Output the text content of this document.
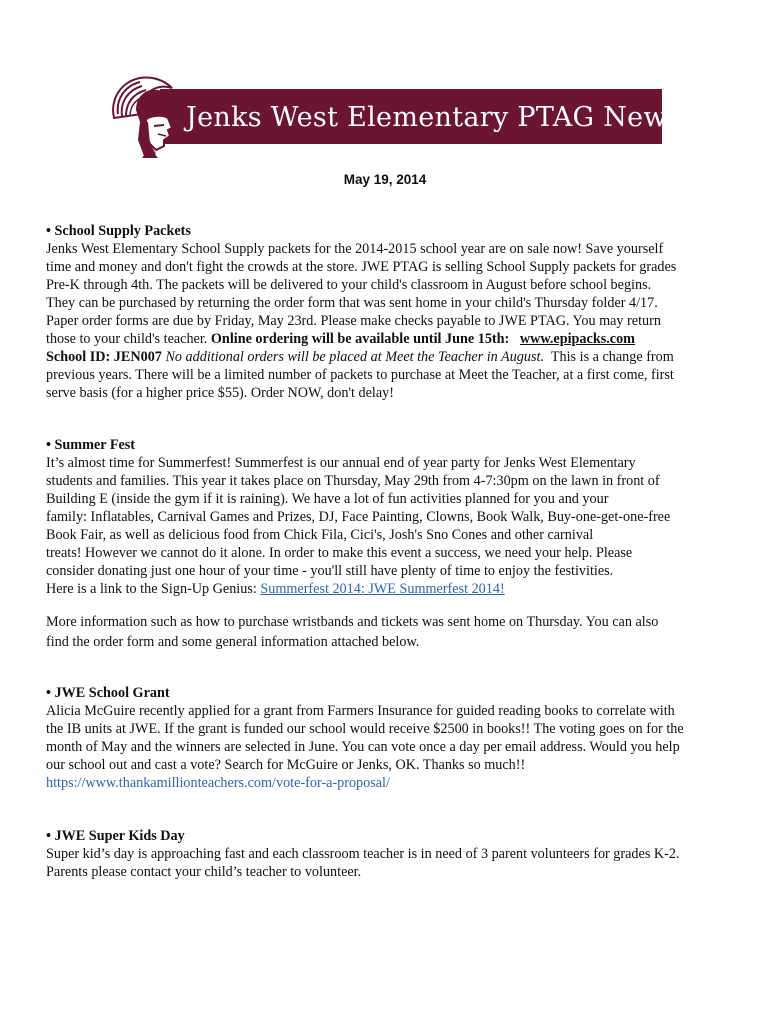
Jenks West Elementary PTAG News
May 19, 2014
• School Supply Packets
Jenks West Elementary School Supply packets for the 2014-2015 school year are on sale now! Save yourself
time and money and don't fight the crowds at the store. JWE PTAG is selling School Supply packets for grades
Pre-K through 4th. The packets will be delivered to your child's classroom in August before school begins.
They can be purchased by returning the order form that was sent home in your child's Thursday folder 4/17.
Paper order forms are due by Friday, May 23rd. Please make checks payable to JWE PTAG. You may return
those to your child's teacher. Online ordering will be available until June 15th: www.epipacks.com
School ID: JEN007 No additional orders will be placed at Meet the Teacher in August. This is a change from
previous years. There will be a limited number of packets to purchase at Meet the Teacher, at a first come, first
serve basis (for a higher price $55). Order NOW, don't delay!
• Summer Fest
It’s almost time for Summerfest! Summerfest is our annual end of year party for Jenks West Elementary
students and families. This year it takes place on Thursday, May 29th from 4-7:30pm on the lawn in front of
Building E (inside the gym if it is raining). We have a lot of fun activities planned for you and your
family: Inflatables, Carnival Games and Prizes, DJ, Face Painting, Clowns, Book Walk, Buy-one-get-one-free
Book Fair, as well as delicious food from Chick Fila, Cici's, Josh's Sno Cones and other carnival
treats! However we cannot do it alone. In order to make this event a success, we need your help. Please
consider donating just one hour of your time - you'll still have plenty of time to enjoy the festivities.
Here is a link to the Sign-Up Genius: Summerfest 2014: JWE Summerfest 2014!
More information such as how to purchase wristbands and tickets was sent home on Thursday. You can also
find the order form and some general information attached below.
• JWE School Grant
Alicia McGuire recently applied for a grant from Farmers Insurance for guided reading books to correlate with
the IB units at JWE. If the grant is funded our school would receive $2500 in books!! The voting goes on for the
month of May and the winners are selected in June. You can vote once a day per email address. Would you help
our school out and cast a vote? Search for McGuire or Jenks, OK. Thanks so much!!
https://www.thankamillionteachers.com/vote-for-a-proposal/
• JWE Super Kids Day
Super kid’s day is approaching fast and each classroom teacher is in need of 3 parent volunteers for grades K-2.
Parents please contact your child’s teacher to volunteer.
